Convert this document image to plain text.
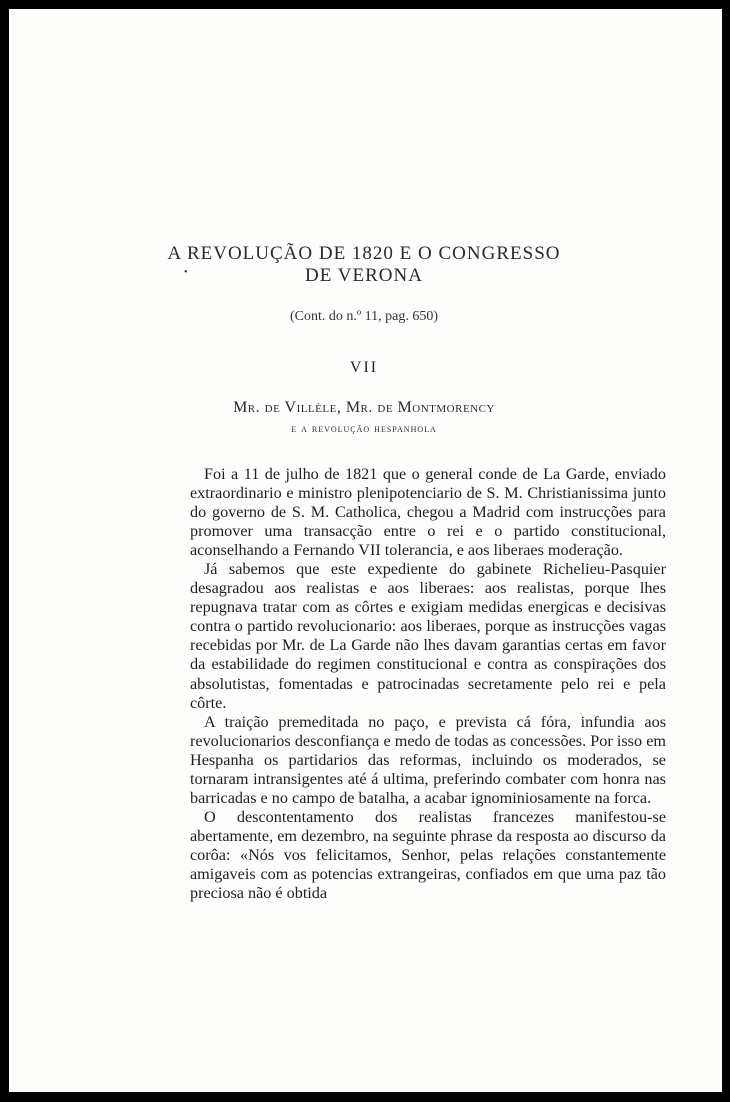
A REVOLUÇÃO DE 1820 E O CONGRESSO
•	DE VERONA
(Cont. do n.º 11, pag. 650)
VII
Mr. de Villèle, Mr. de Montmorency
e a revolução hespanhola

Foi a 11 de julho de 1821 que o general conde de La Garde, enviado extraordinario e ministro plenipotenciario de S. M. Christianissima junto do governo de S. M. Catholica, chegou a Madrid com instrucções para promover uma transacção entre o rei e o partido constitucional, aconselhando a Fernando VII tolerancia, e aos liberaes moderação.

Já sabemos que este expediente do gabinete Richelieu-Pasquier desagradou aos realistas e aos liberaes: aos realistas, porque lhes repugnava tratar com as côrtes e exigiam medidas energicas e decisivas contra o partido revolucionario: aos liberaes, porque as instrucções vagas recebidas por Mr. de La Garde não lhes davam garantias certas em favor da estabilidade do regimen constitucional e contra as conspirações dos absolutistas, fomentadas e patrocinadas secretamente pelo rei e pela côrte.

A traição premeditada no paço, e prevista cá fóra, infundia aos revolucionarios desconfiança e medo de todas as concessões. Por isso em Hespanha os partidarios das reformas, incluindo os moderados, se tornaram intransigentes até á ultima, preferindo combater com honra nas barricadas e no campo de batalha, a acabar ignominiosamente na forca.

O descontentamento dos realistas francezes manifestou-se abertamente, em dezembro, na seguinte phrase da resposta ao discurso da corôa: «Nós vos felicitamos, Senhor, pelas relações constantemente amigaveis com as potencias extrangeiras, confiados em que uma paz tão preciosa não é obtida
